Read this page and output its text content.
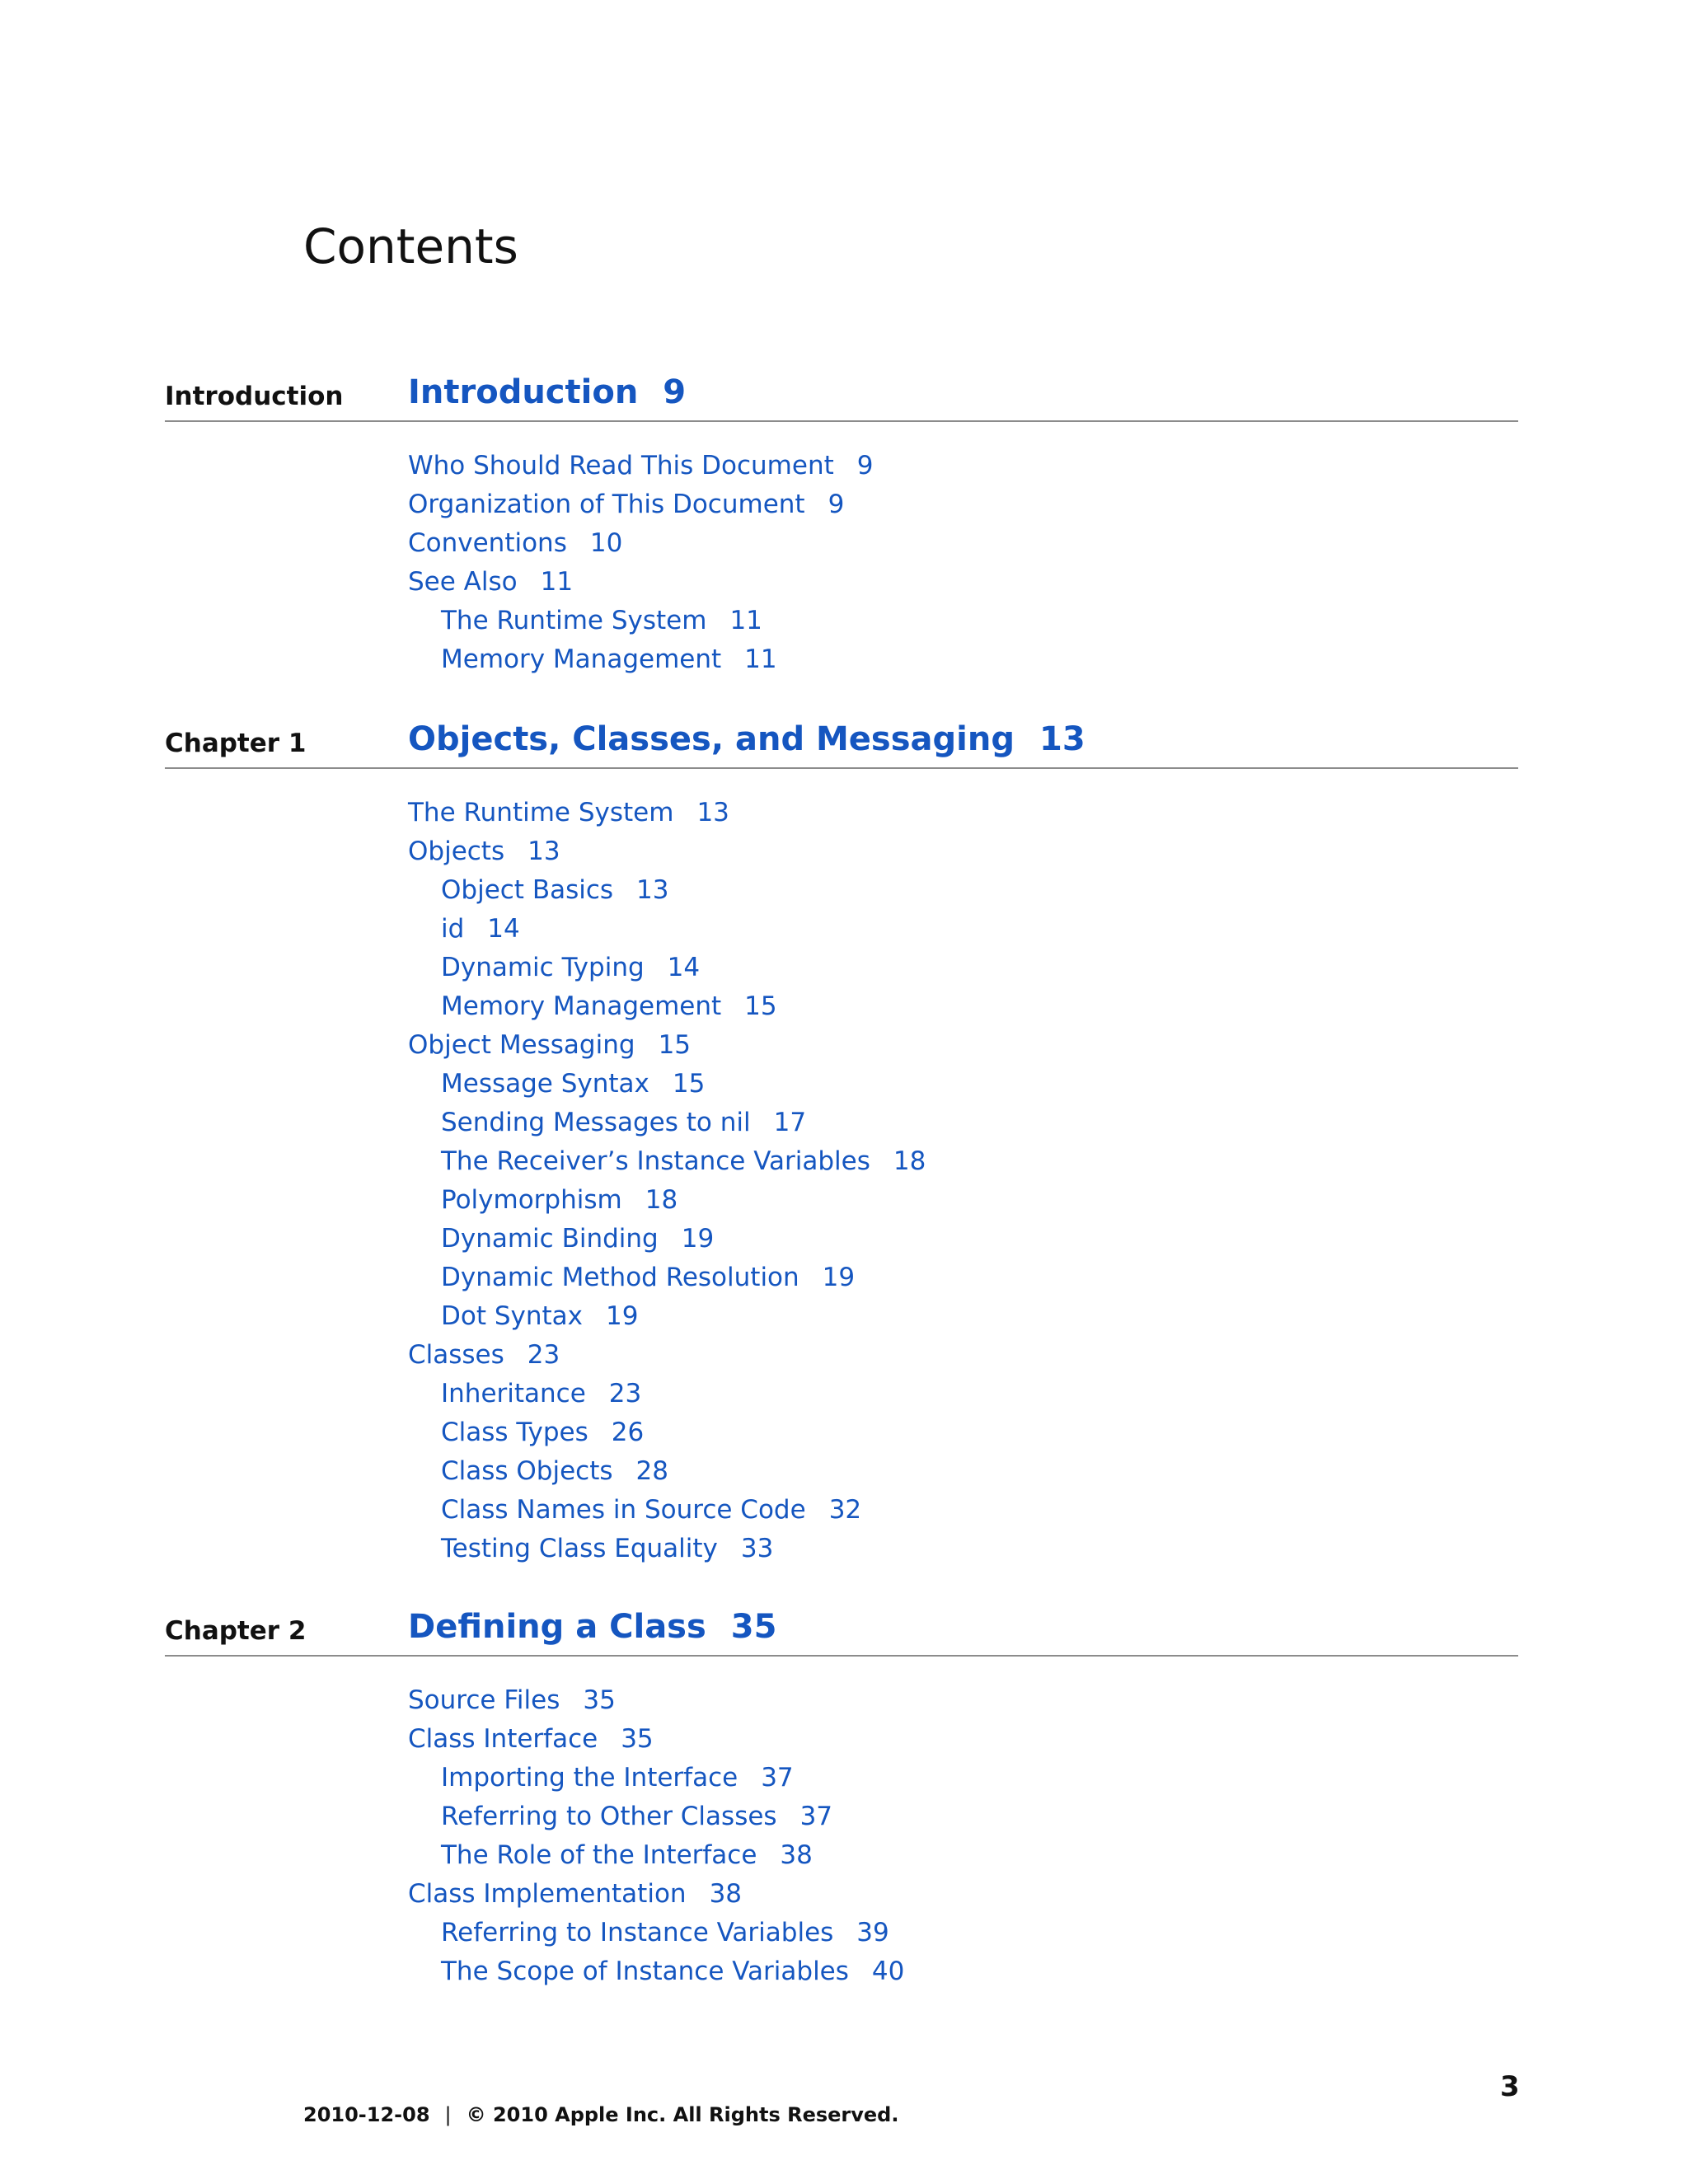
Contents
Introduction Introduction 9
Who Should Read This Document 9
Organization of This Document 9
Conventions 10
See Also 11
The Runtime System 11
Memory Management 11
Chapter 1	Objects, Classes, and Messaging 13
The Runtime System 13
Objects 13
Object Basics 13
id 14
Dynamic Typing 14
Memory Management 15
Object Messaging 15
Message Syntax 15
Sending Messages to nil 17
The Receiver’s Instance Variables 18
Polymorphism 18
Dynamic Binding 19
Dynamic Method Resolution 19
Dot Syntax 19
Classes 23
Inheritance 23
Class Types 26
Class Objects 28
Class Names in Source Code 32
Testing Class Equality 33
Chapter 2	Defining a Class 35
Source Files 35
Class Interface 35
Importing the Interface 37
Referring to Other Classes 37
The Role of the Interface 38
Class Implementation 38
Referring to Instance Variables 39
The Scope of Instance Variables 40
3
2010-12-08 | © 2010 Apple Inc. All Rights Reserved.
